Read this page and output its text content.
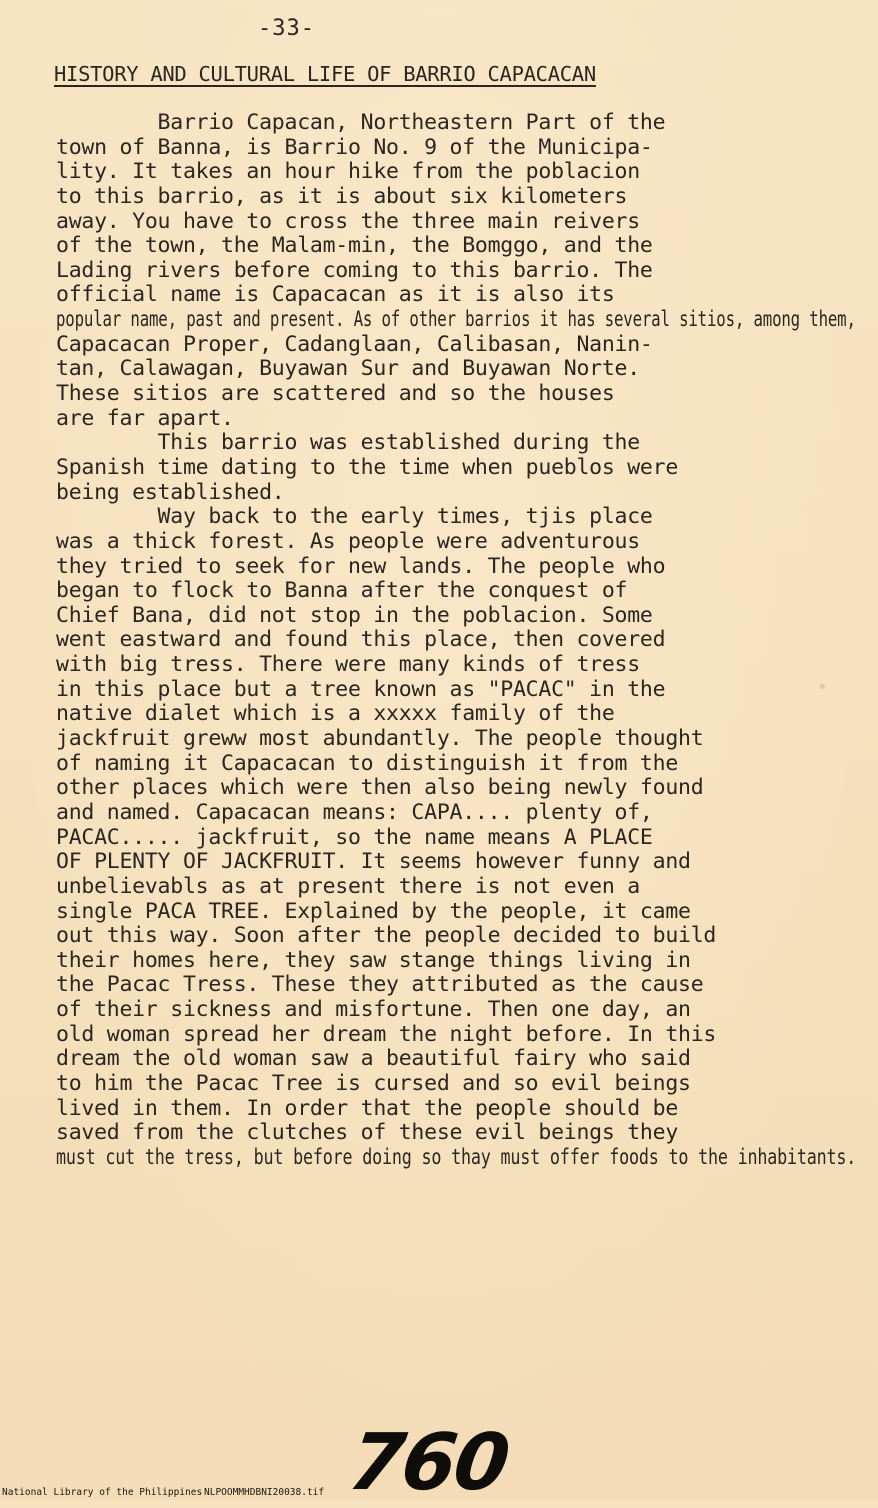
-33-
HISTORY AND CULTURAL LIFE OF BARRIO CAPACACAN
Barrio Capacan, Northeastern Part of the
town of Banna, is Barrio No. 9 of the Municipa-
lity. It takes an hour hike from the poblacion
to this barrio, as it is about six kilometers
away. You have to cross the three main reivers
of the town, the Malam-min, the Bomggo, and the
Lading rivers before coming to this barrio. The
official name is Capacacan as it is also its
popular name, past and present. As of other barrios it has several sitios, among them,
Capacacan Proper, Cadanglaan, Calibasan, Nanin-
tan, Calawagan, Buyawan Sur and Buyawan Norte.
These sitios are scattered and so the houses
are far apart.
This barrio was established during the
Spanish time dating to the time when pueblos were
being established.
Way back to the early times, tjis place
was a thick forest. As people were adventurous
they tried to seek for new lands. The people who
began to flock to Banna after the conquest of
Chief Bana, did not stop in the poblacion. Some
went eastward and found this place, then covered
with big tress. There were many kinds of tress
in this place but a tree known as "PACAC" in the
native dialet which is a xxxxx family of the
jackfruit greww most abundantly. The people thought
of naming it Capacacan to distinguish it from the
other places which were then also being newly found
and named. Capacacan means: CAPA.... plenty of,
PACAC..... jackfruit, so the name means A PLACE
OF PLENTY OF JACKFRUIT. It seems however funny and
unbelievabls as at present there is not even a
single PACA TREE. Explained by the people, it came
out this way. Soon after the people decided to build
their homes here, they saw stange things living in
the Pacac Tress. These they attributed as the cause
of their sickness and misfortune. Then one day, an
old woman spread her dream the night before. In this
dream the old woman saw a beautiful fairy who said
to him the Pacac Tree is cursed and so evil beings
lived in them. In order that the people should be
saved from the clutches of these evil beings they
must cut the tress, but before doing so thay must offer foods to the inhabitants.
760
National Library of the Philippines NLPOOMMHDBNI20038.tif
